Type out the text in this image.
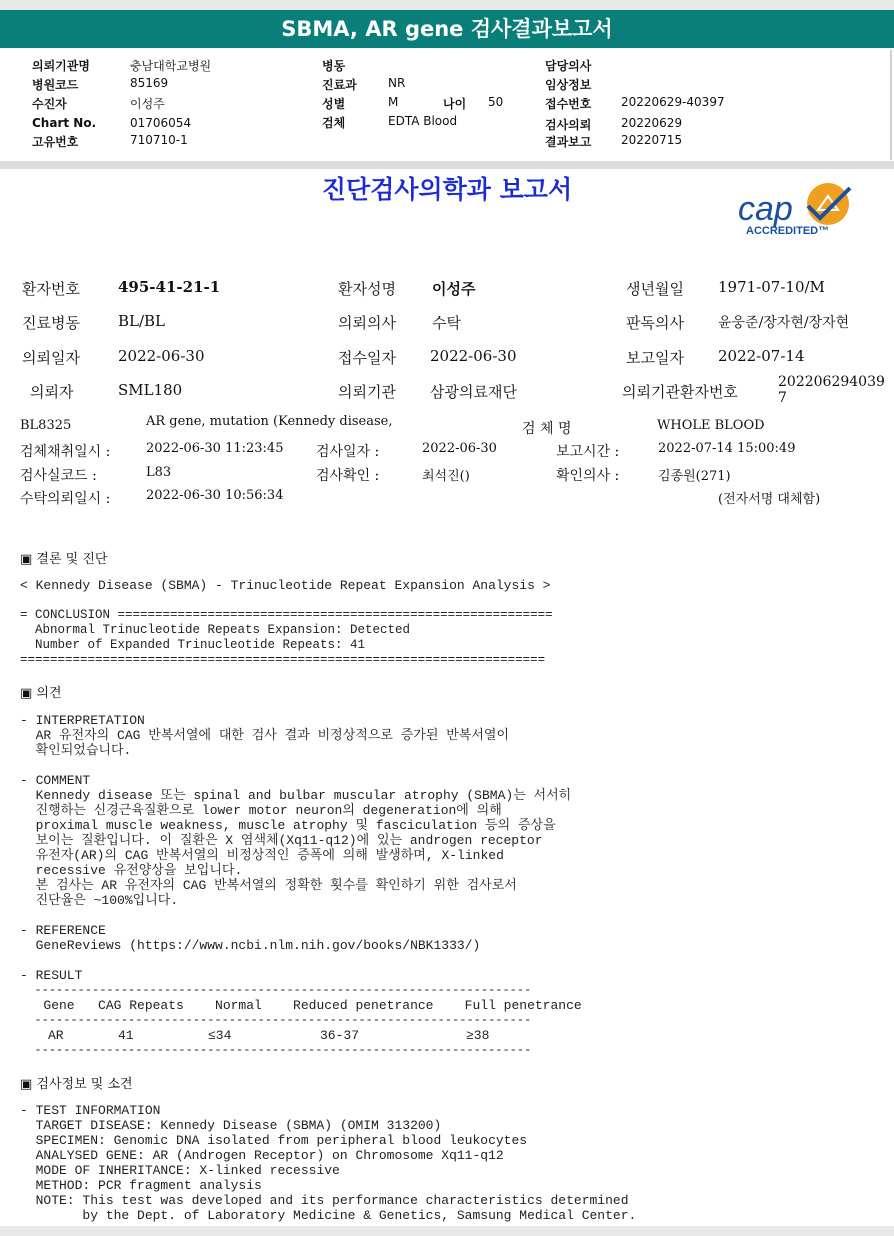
SBMA, AR gene 검사결과보고서
의뢰기관명	충남대학교병원
병원코드	85169
수진자	이성주
Chart No.	01706054
고유번호	710710-1
병동
진료과	NR
성별	M	나이 50
검체	EDTA Blood
담당의사
임상정보
접수번호 20220629-40397
검사의뢰 20220629
결과보고 20220715
진단검사의학과 보고서
cap
ACCREDITED™
환자번호	495-41-21-1	환자성명 이성주	생년월일 1971-07-10/M
진료병동	BL/BL	의뢰의사 수탁	판독의사 윤웅준/장자현/장자현
의뢰일자	2022-06-30	접수일자 2022-06-30	보고일자 2022-07-14
의뢰자	SML180	의뢰기관 삼광의료재단	의뢰기관환자번호
202206294039
7
BL8325	AR gene, mutation (Kennedy disease,	검 체 명	WHOLE BLOOD
검체채취일시 :	2022-06-30 11:23:45 검사일자 :	2022-06-30	보고시간 :	2022-07-14 15:00:49
검사실코드 :	L83	검사확인 :	최석진()	확인의사 :	김종원(271)
수탁의뢰일시 :	2022-06-30 10:56:34	(전자서명 대체함)
▣ 결론 및 진단
< Kennedy Disease (SBMA) - Trinucleotide Repeat Expansion Analysis >
= CONCLUSION ==========================================================
Abnormal Trinucleotide Repeats Expansion: Detected
Number of Expanded Trinucleotide Repeats: 41
======================================================================
▣ 의견
- INTERPRETATION
AR 유전자의 CAG 반복서열에 대한 검사 결과 비정상적으로 증가된 반복서열이
확인되었습니다.
- COMMENT
Kennedy disease 또는 spinal and bulbar muscular atrophy (SBMA)는 서서히
진행하는 신경근육질환으로 lower motor neuron의 degeneration에 의해
proximal muscle weakness, muscle atrophy 및 fasciculation 등의 증상을
보이는 질환입니다. 이 질환은 X 염색체(Xq11-q12)에 있는 androgen receptor
유전자(AR)의 CAG 반복서열의 비정상적인 증폭에 의해 발생하며, X-linked
recessive 유전양상을 보입니다.
본 검사는 AR 유전자의 CAG 반복서열의 정확한 횟수를 확인하기 위한 검사로서
진단율은 ~100%입니다.
- REFERENCE
GeneReviews (https://www.ncbi.nlm.nih.gov/books/NBK1333/)
- RESULT
---------------------------------------------------------------------
Gene   CAG Repeats    Normal    Reduced penetrance    Full penetrance
---------------------------------------------------------------------
AR	41	≤34	36-37	≥38
---------------------------------------------------------------------
▣ 검사정보 및 소견
- TEST INFORMATION
TARGET DISEASE: Kennedy Disease (SBMA) (OMIM 313200)
SPECIMEN: Genomic DNA isolated from peripheral blood leukocytes
ANALYSED GENE: AR (Androgen Receptor) on Chromosome Xq11-q12
MODE OF INHERITANCE: X-linked recessive
METHOD: PCR fragment analysis
NOTE: This test was developed and its performance characteristics determined
by the Dept. of Laboratory Medicine & Genetics, Samsung Medical Center.
